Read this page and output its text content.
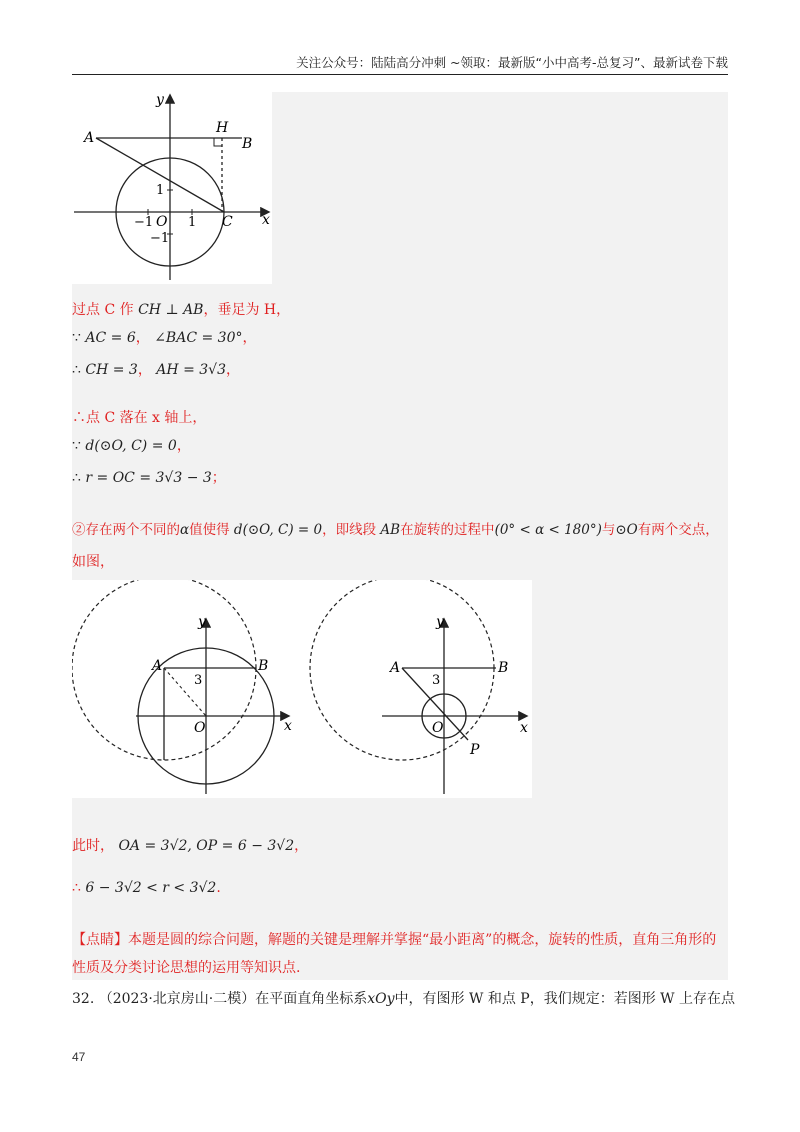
关注公众号：陆陆高分冲刺 ~领取：最新版“小中高考-总复习”、最新试卷下载
y
x
A	B
H
C
O
1
−1	1
−1
过点 C 作 CH ⊥ AB，垂足为 H，
∵ AC = 6， ∠BAC = 30°，
∴ CH = 3， AH = 3√3，
∴点 C 落在 x 轴上，
∵ d(⊙O, C) = 0，
∴ r = OC = 3√3 − 3；
②存在两个不同的α值使得 d(⊙O, C) = 0，即线段 AB在旋转的过程中(0° < α < 180°)与⊙O有两个交点，
如图，
y
x
A	B
3
O
y
x
A	B
3
O
P
此时， OA = 3√2, OP = 6 − 3√2，
∴ 6 − 3√2 < r < 3√2.
【点睛】本题是圆的综合问题，解题的关键是理解并掌握“最小距离”的概念，旋转的性质，直角三角形的性质及分类讨论思想的运用等知识点.
32. （2023·北京房山·二模）在平面直角坐标系xOy中，有图形 W 和点 P，我们规定：若图形 W 上存在点
47
